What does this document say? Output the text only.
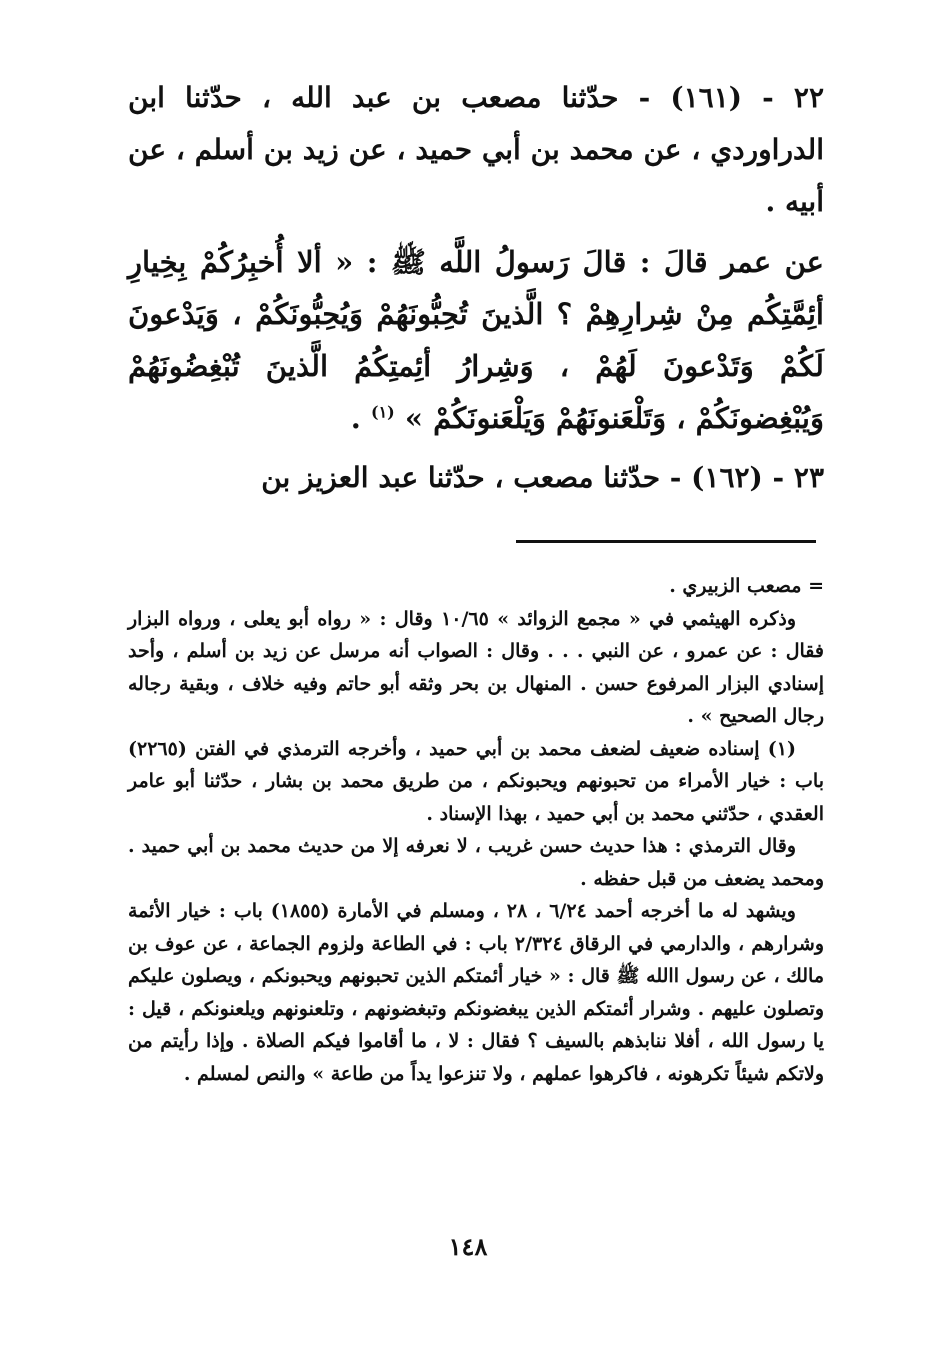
٢٢ - (١٦١) - حدّثنا مصعب بن عبد الله ، حدّثنا ابن الدراوردي ، عن محمد بن أبي حميد ، عن زيد بن أسلم ، عن أبيه .

عن عمر قالَ : قالَ رَسولُ اللَّه ﷺ : « ألا أُخبِرُكُمْ بِخِيارِ أئِمَّتِكُم مِنْ شِرارِهِمْ ؟ الَّذينَ تُحِبُّونَهُمْ وَيُحِبُّونَكُمْ ، وَيَدْعونَ لَكُمْ وَتَدْعونَ لَهُمْ ، وَشِرارُ أئِمتِكُمُ الَّذينَ تُبْغِضُونَهُمْ وَيُبْغِضونَكُمْ ، وَتَلْعَنونَهُمْ وَيَلْعَنونَكُمْ » $^{(١)}$ .

٢٣ - (١٦٢) - حدّثنا مصعب ، حدّثنا عبد العزيز بن

= مصعب الزبيري .

وذكره الهيثمي في « مجمع الزوائد » ١٠/٦٥ وقال : « رواه أبو يعلى ، ورواه البزار فقال : عن عمرو ، عن النبي . . . وقال : الصواب أنه مرسل عن زيد بن أسلم ، وأحد إسنادي البزار المرفوع حسن . المنهال بن بحر وثقه أبو حاتم وفيه خلاف ، وبقية رجاله رجال الصحيح » .

(١) إسناده ضعيف لضعف محمد بن أبي حميد ، وأخرجه الترمذي في الفتن (٢٢٦٥) باب : خيار الأمراء من تحبونهم ويحبونكم ، من طريق محمد بن بشار ، حدّثنا أبو عامر العقدي ، حدّثني محمد بن أبي حميد ، بهذا الإسناد .

وقال الترمذي : هذا حديث حسن غريب ، لا نعرفه إلا من حديث محمد بن أبي حميد . ومحمد يضعف من قبل حفظه .

ويشهد له ما أخرجه أحمد ٦/٢٤ ، ٢٨ ، ومسلم في الأمارة (١٨٥٥) باب : خيار الأئمة وشرارهم ، والدارمي في الرقاق ٢/٣٢٤ باب : في الطاعة ولزوم الجماعة ، عن عوف بن مالك ، عن رسول االله ﷺ قال : « خيار أئمتكم الذين تحبونهم ويحبونكم ، ويصلون عليكم وتصلون عليهم . وشرار أئمتكم الذين يبغضونكم وتبغضونهم ، وتلعنونهم ويلعنونكم ، قيل : يا رسول الله ، أفلا ننابذهم بالسيف ؟ فقال : لا ، ما أقاموا فيكم الصلاة . وإذا رأيتم من ولاتكم شيئاً تكرهونه ، فاكرهوا عملهم ، ولا تنزعوا يداً من طاعة » والنص لمسلم .

١٤٨
